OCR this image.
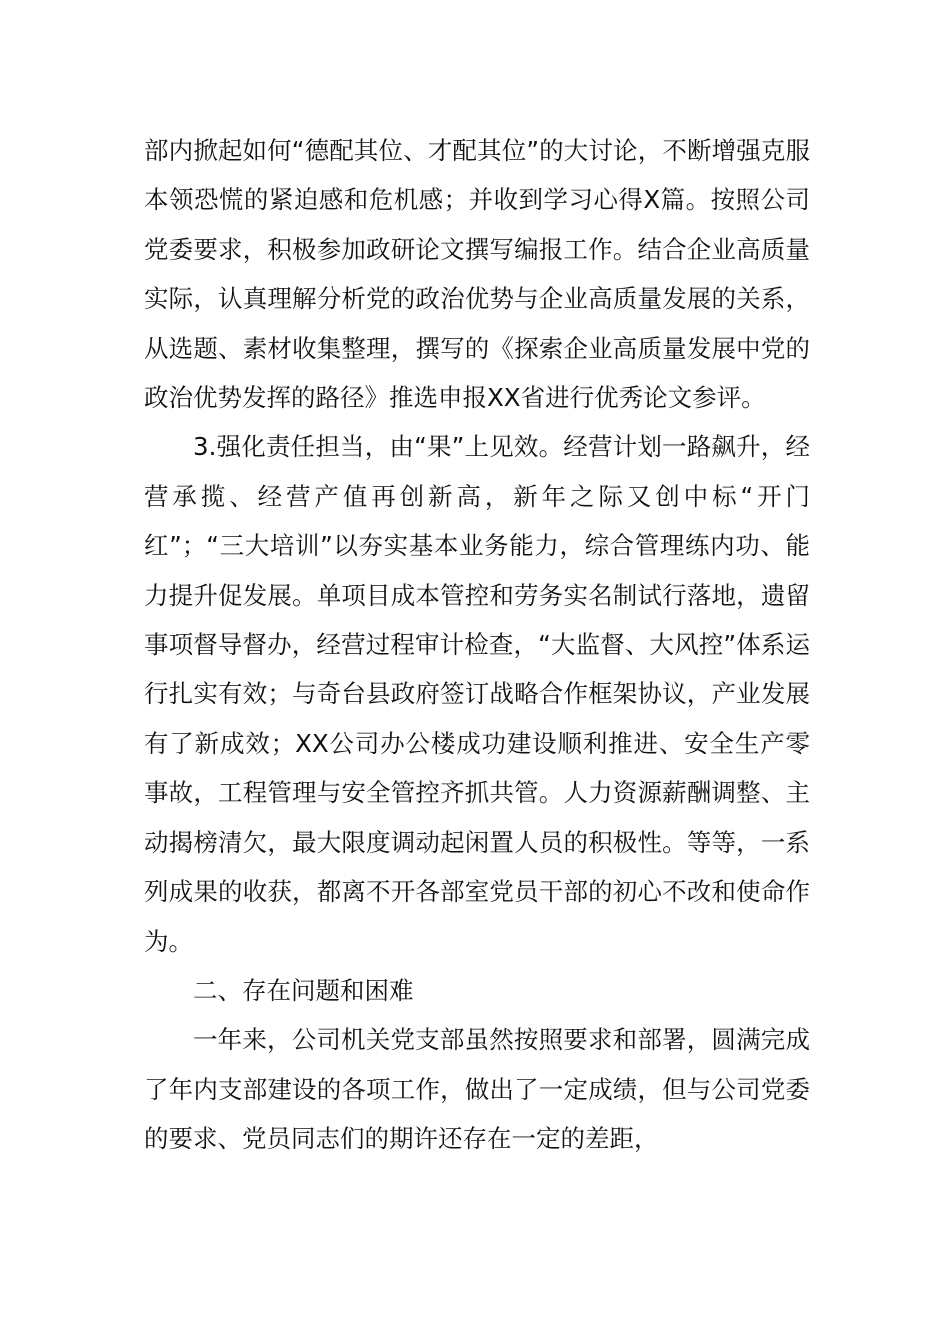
部内掀起如何“德配其位、才配其位”的大讨论，不断增强克服本领恐慌的紧迫感和危机感；并收到学习心得X篇。按照公司党委要求，积极参加政研论文撰写编报工作。结合企业高质量实际，认真理解分析党的政治优势与企业高质量发展的关系，从选题、素材收集整理，撰写的《探索企业高质量发展中党的政治优势发挥的路径》推选申报XX省进行优秀论文参评。

3.强化责任担当，由“果”上见效。经营计划一路飙升，经营承揽、经营产值再创新高，新年之际又创中标“开门红”；“三大培训”以夯实基本业务能力，综合管理练内功、能力提升促发展。单项目成本管控和劳务实名制试行落地，遗留事项督导督办，经营过程审计检查，“大监督、大风控”体系运行扎实有效；与奇台县政府签订战略合作框架协议，产业发展有了新成效；XX公司办公楼成功建设顺利推进、安全生产零事故，工程管理与安全管控齐抓共管。人力资源薪酬调整、主动揭榜清欠，最大限度调动起闲置人员的积极性。等等，一系列成果的收获，都离不开各部室党员干部的初心不改和使命作为。

二、存在问题和困难

一年来，公司机关党支部虽然按照要求和部署，圆满完成了年内支部建设的各项工作，做出了一定成绩，但与公司党委的要求、党员同志们的期许还存在一定的差距，
